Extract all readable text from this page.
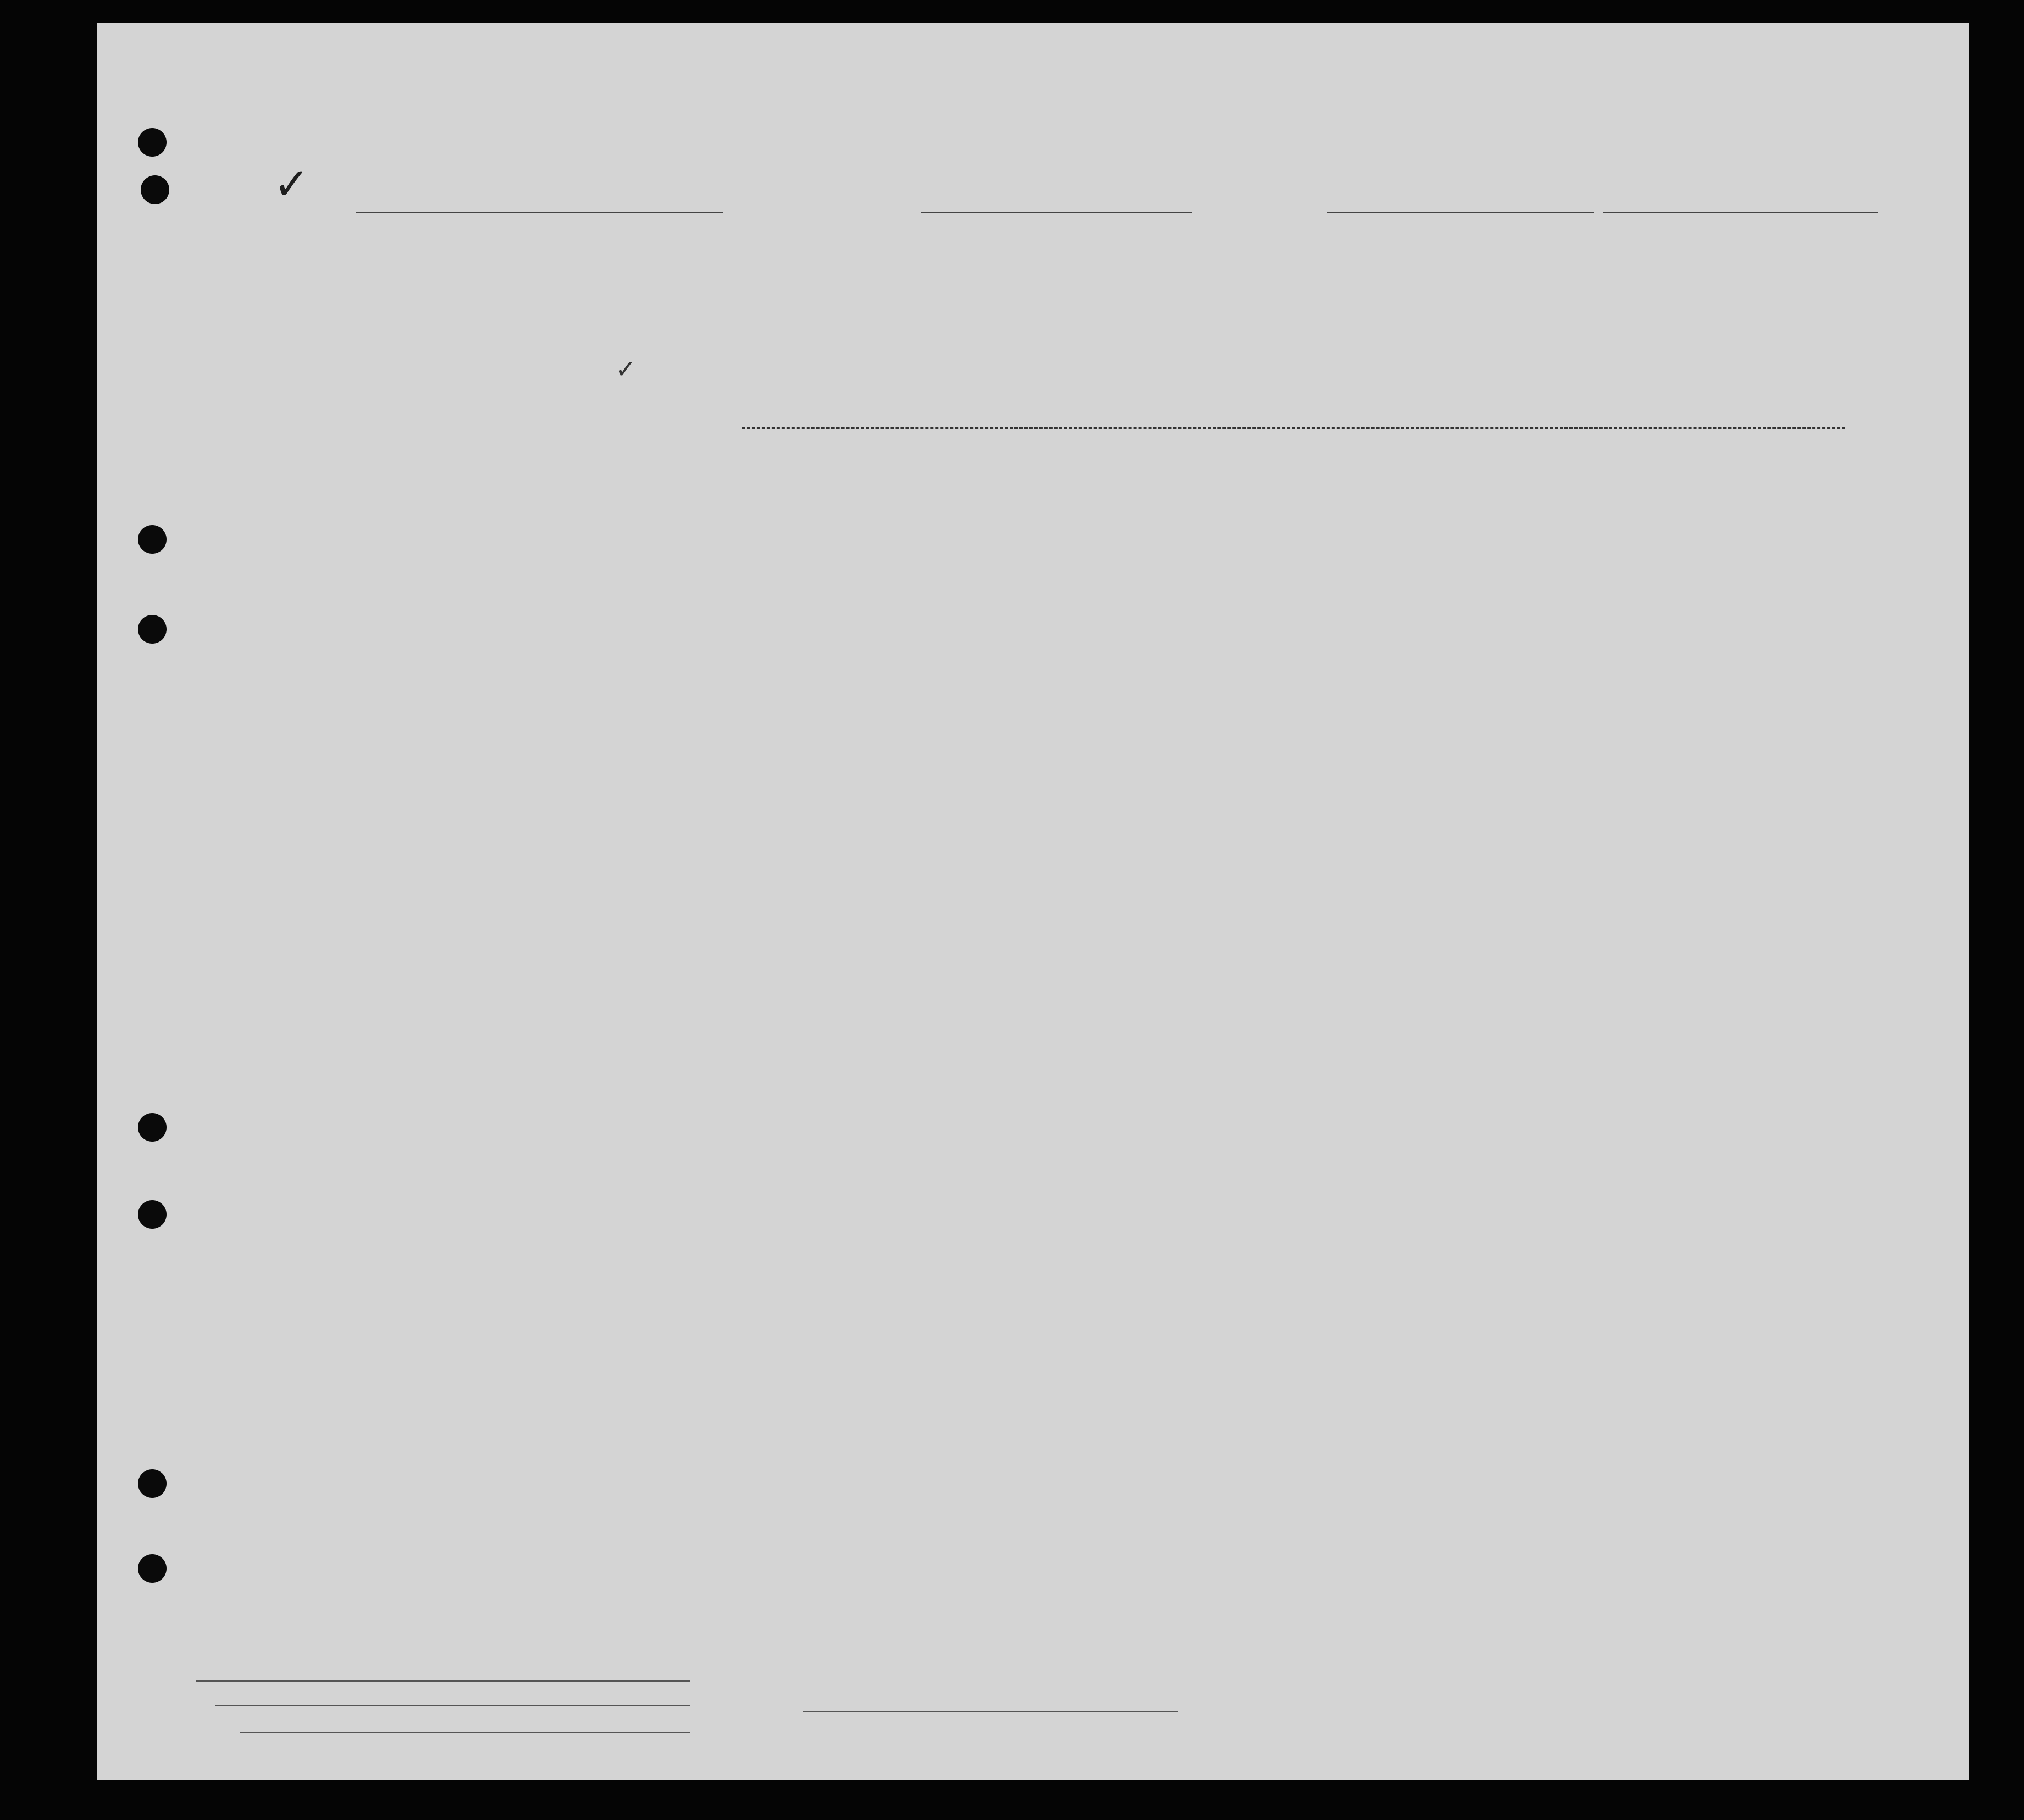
✓
✓
